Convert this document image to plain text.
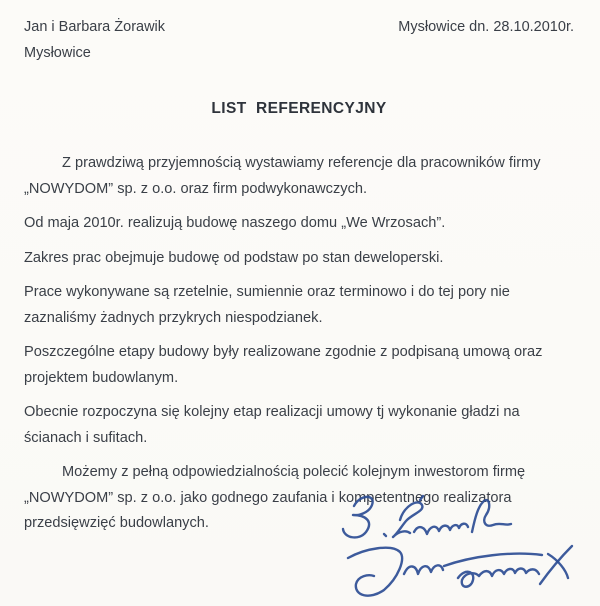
Jan i Barbara Żorawik
Mysłowice
Mysłowice dn. 28.10.2010r.
LIST  REFERENCYJNY

Z prawdziwą przyjemnością wystawiamy referencje dla pracowników firmy „NOWYDOM” sp. z o.o. oraz firm podwykonawczych.

Od maja 2010r. realizują budowę naszego domu „We Wrzosach”.

Zakres prac obejmuje budowę od podstaw po stan deweloperski.

Prace wykonywane są rzetelnie, sumiennie oraz terminowo i do tej pory nie zaznaliśmy żadnych przykrych niespodzianek.

Poszczególne etapy budowy były realizowane zgodnie z podpisaną umową oraz projektem budowlanym.

Obecnie rozpoczyna się kolejny etap realizacji umowy tj wykonanie gładzi na ścianach i sufitach.

Możemy z pełną odpowiedzialnością polecić kolejnym inwestorom firmę „NOWYDOM” sp. z o.o. jako godnego zaufania i kompetentnego realizatora przedsięwzięć budowlanych.
